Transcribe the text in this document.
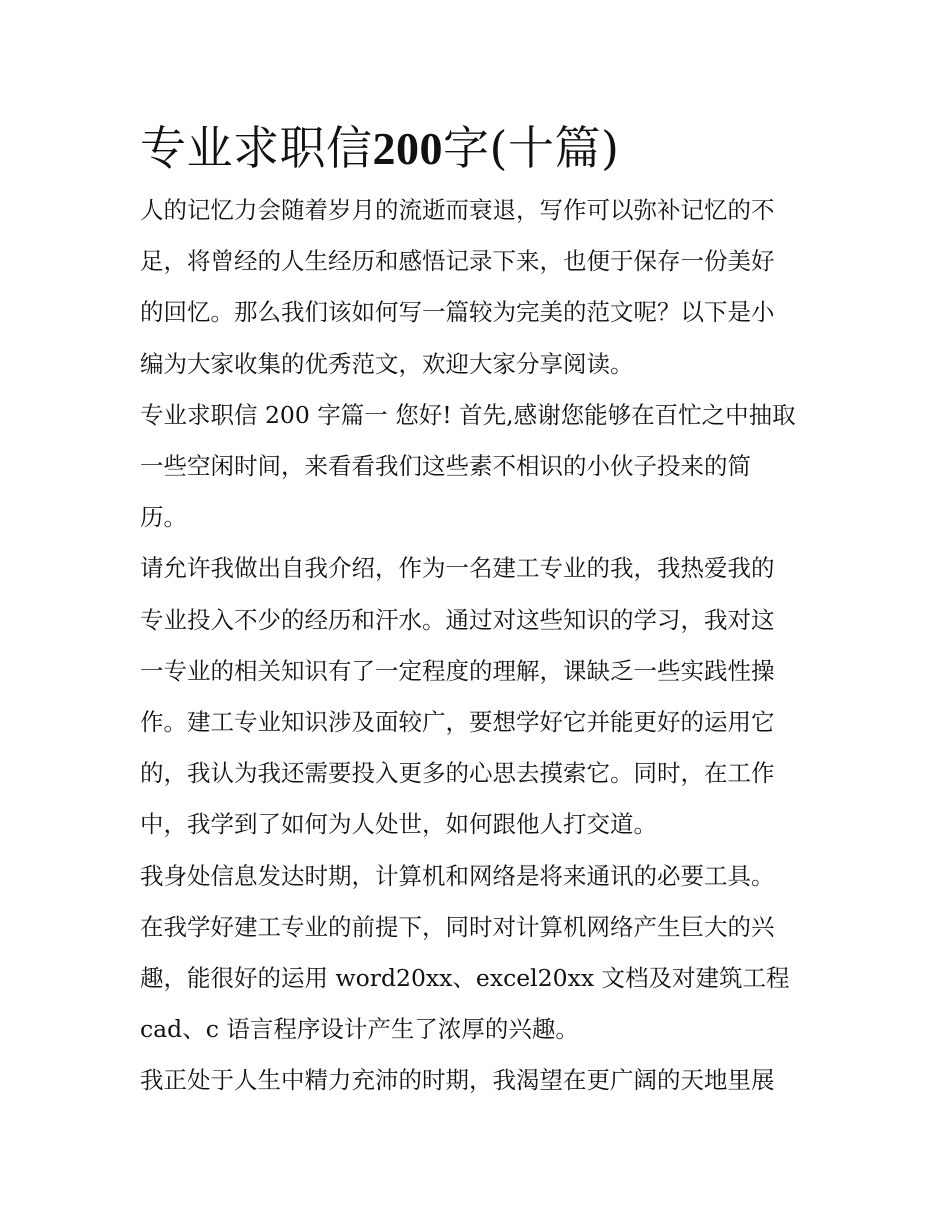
专业求职信200字(十篇)

人的记忆力会随着岁月的流逝而衰退，写作可以弥补记忆的不
足，将曾经的人生经历和感悟记录下来，也便于保存一份美好
的回忆。那么我们该如何写一篇较为完美的范文呢？以下是小
编为大家收集的优秀范文，欢迎大家分享阅读。

专业求职信 200 字篇一 您好! 首先,感谢您能够在百忙之中抽取
一些空闲时间，来看看我们这些素不相识的小伙子投来的简
历。

请允许我做出自我介绍，作为一名建工专业的我，我热爱我的
专业投入不少的经历和汗水。通过对这些知识的学习，我对这
一专业的相关知识有了一定程度的理解，课缺乏一些实践性操
作。建工专业知识涉及面较广，要想学好它并能更好的运用它
的，我认为我还需要投入更多的心思去摸索它。同时，在工作
中，我学到了如何为人处世，如何跟他人打交道。

我身处信息发达时期，计算机和网络是将来通讯的必要工具。
在我学好建工专业的前提下，同时对计算机网络产生巨大的兴
趣，能很好的运用 word20xx、excel20xx 文档及对建筑工程
cad、c 语言程序设计产生了浓厚的兴趣。

我正处于人生中精力充沛的时期，我渴望在更广阔的天地里展
